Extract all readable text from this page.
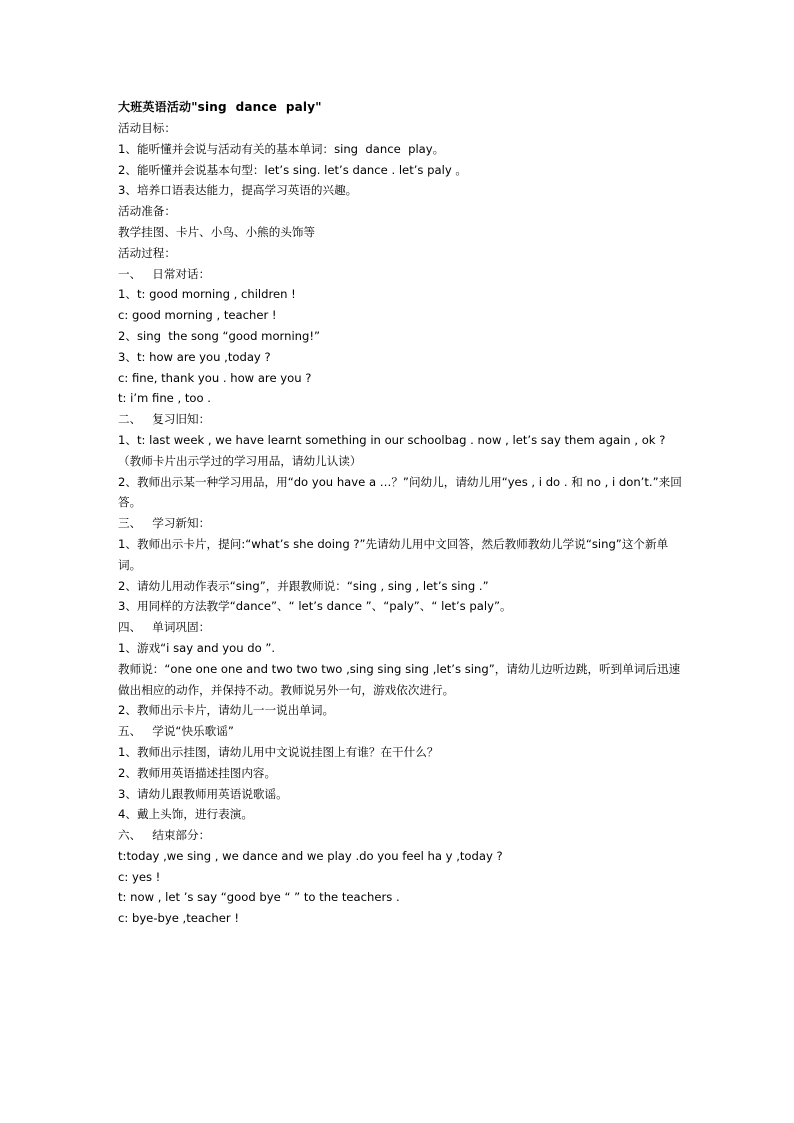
大班英语活动"sing  dance  paly"
活动目标：
1、能听懂并会说与活动有关的基本单词：sing  dance  play。
2、能听懂并会说基本句型：let’s sing. let’s dance . let’s paly 。
3、培养口语表达能力，提高学习英语的兴趣。
活动准备：
教学挂图、卡片、小鸟、小熊的头饰等
活动过程：
一、   日常对话：
1、t: good morning , children !
c: good morning , teacher !
2、sing  the song “good morning!”
3、t: how are you ,today ?
c: fine, thank you . how are you ?
t: i’m fine , too .
二、   复习旧知：
1、t: last week , we have learnt something in our schoolbag . now , let’s say them again , ok ?
（教师卡片出示学过的学习用品，请幼儿认读）
2、教师出示某一种学习用品，用“do you have a …？”问幼儿，请幼儿用“yes , i do . 和 no , i don’t.”来回答。
三、   学习新知：
1、教师出示卡片，提问:“what’s she doing ?”先请幼儿用中文回答，然后教师教幼儿学说“sing”这个新单词。
2、请幼儿用动作表示“sing”，并跟教师说：“sing , sing , let’s sing .”
3、用同样的方法教学“dance”、“ let’s dance ”、“paly”、“ let’s paly”。
四、   单词巩固：
1、游戏“i say and you do ”.
教师说：“one one one and two two two ,sing sing sing ,let’s sing”，请幼儿边听边跳，听到单词后迅速做出相应的动作，并保持不动。教师说另外一句，游戏依次进行。
2、教师出示卡片，请幼儿一一说出单词。
五、   学说“快乐歌谣”
1、教师出示挂图，请幼儿用中文说说挂图上有谁？在干什么？
2、教师用英语描述挂图内容。
3、请幼儿跟教师用英语说歌谣。
4、戴上头饰，进行表演。
六、   结束部分：
t:today ,we sing , we dance and we play .do you feel ha y ,today ?
c: yes !
t: now , let ’s say “good bye “ ” to the teachers .
c: bye-bye ,teacher !
